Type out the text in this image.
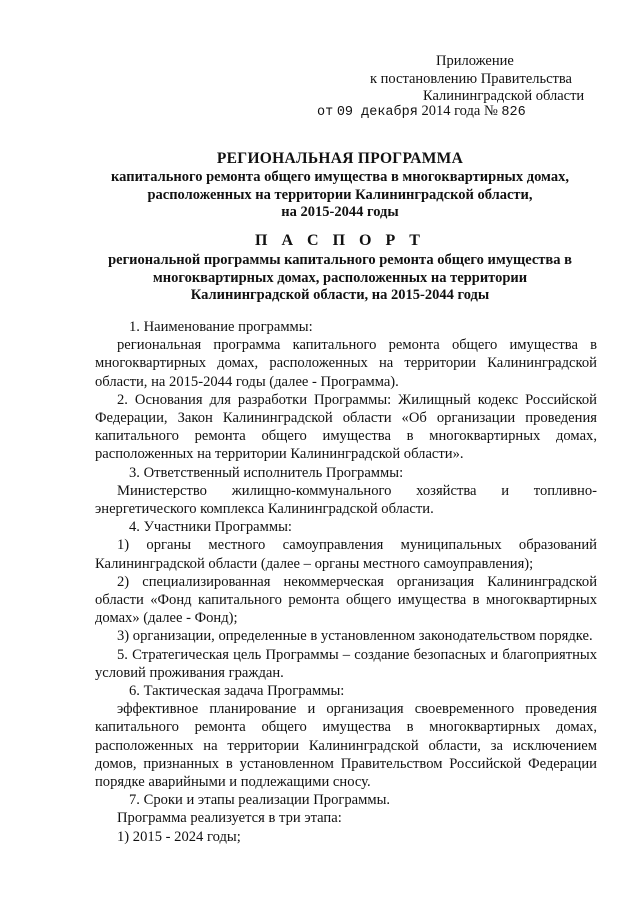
Приложение
к постановлению Правительства
Калининградской области
от 09 декабря 2014 года № 826
РЕГИОНАЛЬНАЯ ПРОГРАММА
капитального ремонта общего имущества в многоквартирных домах,
расположенных на территории Калининградской области,
на 2015-2044 годы
П А С П О Р Т
региональной программы капитального ремонта общего имущества в
многоквартирных домах, расположенных на территории
Калининградской области, на 2015-2044 годы

1. Наименование программы:

региональная программа капитального ремонта общего имущества в многоквартирных домах, расположенных на территории Калининградской области, на 2015-2044 годы (далее - Программа).

2. Основания для разработки Программы: Жилищный кодекс Российской Федерации, Закон Калининградской области «Об организации проведения капитального ремонта общего имущества в многоквартирных домах, расположенных на территории Калининградской области».

3. Ответственный исполнитель Программы:

Министерство жилищно-коммунального хозяйства и топливно-энергетического комплекса Калининградской области.

4. Участники Программы:

1) органы местного самоуправления муниципальных образований Калининградской области (далее – органы местного самоуправления);

2) специализированная некоммерческая организация Калининградской области «Фонд капитального ремонта общего имущества в многоквартирных домах» (далее - Фонд);

3) организации, определенные в установленном законодательством порядке.

5. Стратегическая цель Программы – создание безопасных и благоприятных условий проживания граждан.

6. Тактическая задача Программы:

эффективное планирование и организация своевременного проведения капитального ремонта общего имущества в многоквартирных домах, расположенных на территории Калининградской области, за исключением домов, признанных в установленном Правительством Российской Федерации порядке аварийными и подлежащими сносу.

7. Сроки и этапы реализации Программы.

Программа реализуется в три этапа:

1) 2015 - 2024 годы;
